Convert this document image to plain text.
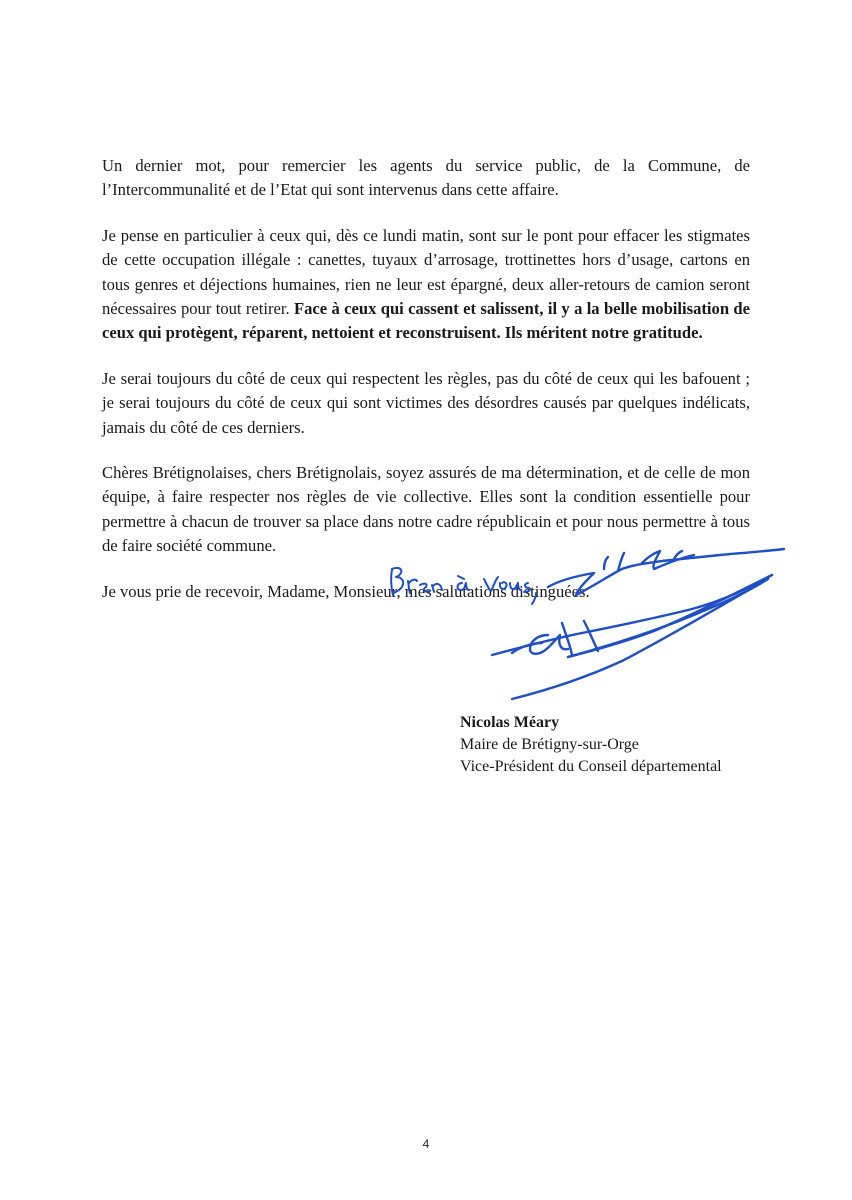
Un dernier mot, pour remercier les agents du service public, de la Commune, de l’Intercommunalité et de l’Etat qui sont intervenus dans cette affaire.

Je pense en particulier à ceux qui, dès ce lundi matin, sont sur le pont pour effacer les stigmates de cette occupation illégale : canettes, tuyaux d’arrosage, trottinettes hors d’usage, cartons en tous genres et déjections humaines, rien ne leur est épargné, deux aller-retours de camion seront nécessaires pour tout retirer. Face à ceux qui cassent et salissent, il y a la belle mobilisation de ceux qui protègent, réparent, nettoient et reconstruisent. Ils méritent notre gratitude.

Je serai toujours du côté de ceux qui respectent les règles, pas du côté de ceux qui les bafouent ; je serai toujours du côté de ceux qui sont victimes des désordres causés par quelques indélicats, jamais du côté de ces derniers.

Chères Brétignolaises, chers Brétignolais, soyez assurés de ma détermination, et de celle de mon équipe, à faire respecter nos règles de vie collective. Elles sont la condition essentielle pour permettre à chacun de trouver sa place dans notre cadre républicain et pour nous permettre à tous de faire société commune.

Je vous prie de recevoir, Madame, Monsieur, mes salutations distinguées.

Nicolas Méary
Maire de Brétigny-sur-Orge
Vice-Président du Conseil départemental
4
